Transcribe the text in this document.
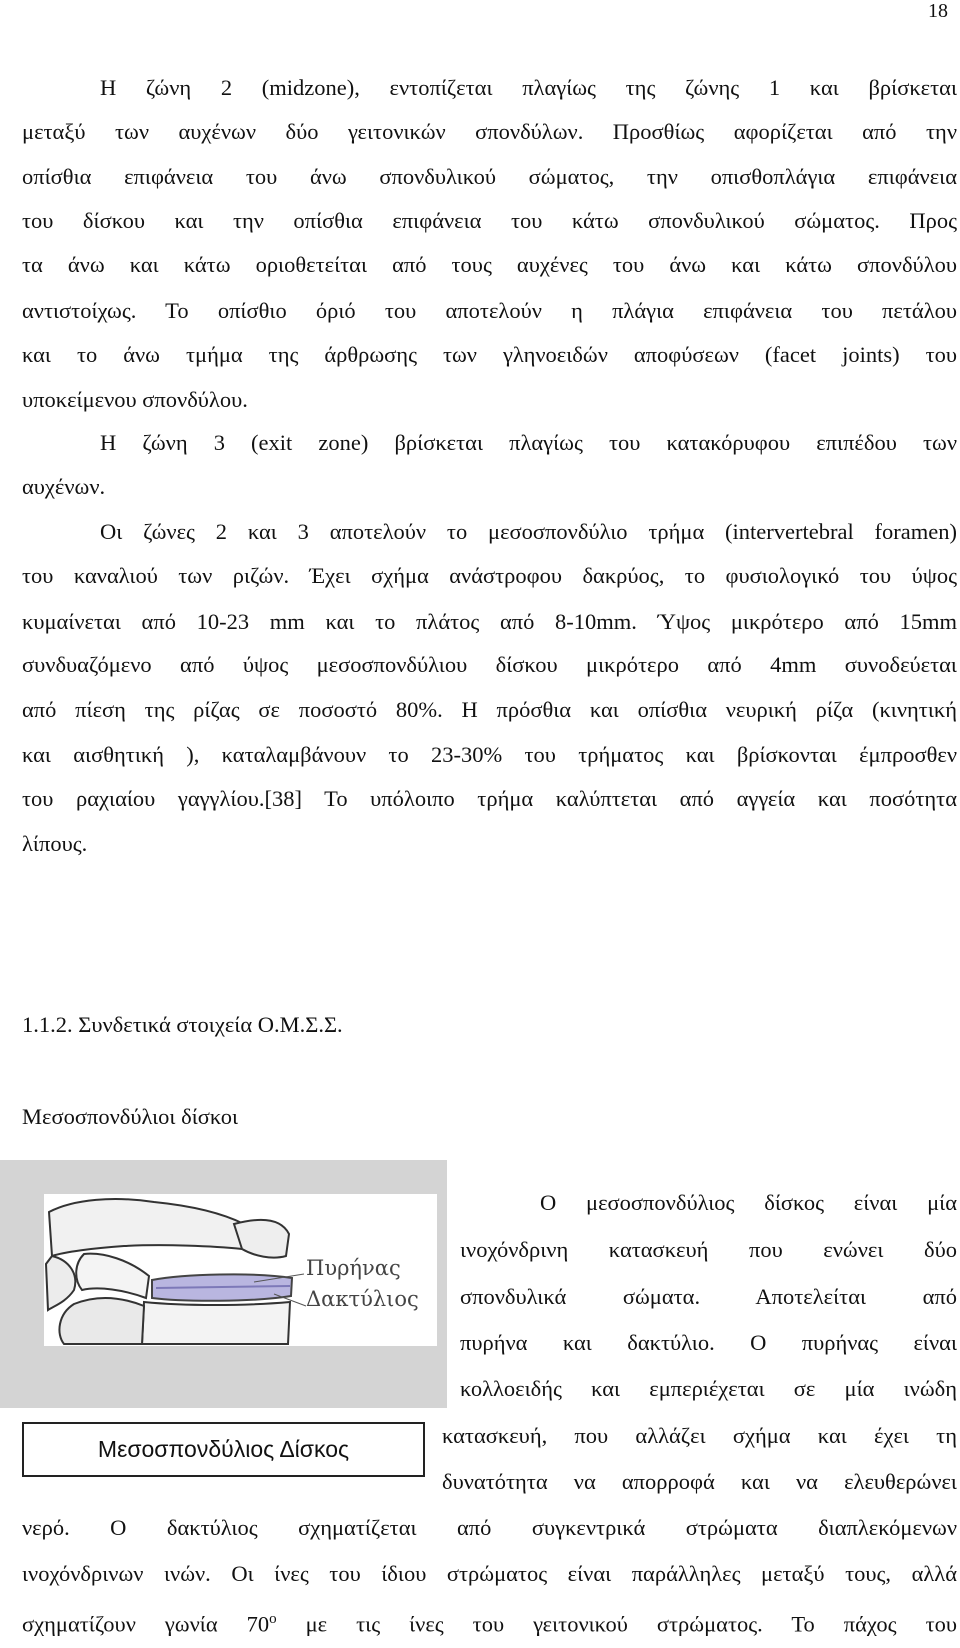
18
Η ζώνη 2 (midzone), εντοπίζεται πλαγίως της ζώνης 1 και βρίσκεται
μεταξύ των αυχένων δύο γειτονικών σπονδύλων. Προσθίως αφορίζεται από την
οπίσθια επιφάνεια του άνω σπονδυλικού σώματος, την οπισθοπλάγια επιφάνεια
του δίσκου και την οπίσθια επιφάνεια του κάτω σπονδυλικού σώματος. Προς
τα άνω και κάτω οριοθετείται από τους αυχένες του άνω και κάτω σπονδύλου
αντιστοίχως. Το οπίσθιο όριό του αποτελούν η πλάγια επιφάνεια του πετάλου
και το άνω τμήμα της άρθρωσης των γληνοειδών αποφύσεων (facet joints) του
υποκείμενου σπονδύλου.
Η ζώνη 3 (exit zone) βρίσκεται πλαγίως του κατακόρυφου επιπέδου των
αυχένων.
Οι ζώνες 2 και 3 αποτελούν το μεσοσπονδύλιο τρήμα (intervertebral foramen)
του καναλιού των ριζών. Έχει σχήμα ανάστροφου δακρύος, το φυσιολογικό του ύψος
κυμαίνεται από 10-23 mm και το πλάτος από 8-10mm. Ύψος μικρότερο από 15mm
συνδυαζόμενο από ύψος μεσοσπονδύλιου δίσκου μικρότερο από 4mm συνοδεύεται
από πίεση της ρίζας σε ποσοστό 80%. Η πρόσθια και οπίσθια νευρική ρίζα (κινητική
και αισθητική ), καταλαμβάνουν το 23-30% του τρήματος και βρίσκονται έμπροσθεν
του ραχιαίου γαγγλίου.[38] Το υπόλοιπο τρήμα καλύπτεται από αγγεία και ποσότητα
λίπους.
1.1.2. Συνδετικά στοιχεία Ο.Μ.Σ.Σ.
Μεσοσπονδύλιοι δίσκοι
Πυρήνας
Δακτύλιος
Μεσοσπονδύλιος Δίσκος
Ο μεσοσπονδύλιος δίσκος είναι μία
ινοχόνδρινη κατασκευή που ενώνει δύο
σπονδυλικά σώματα. Αποτελείται από
πυρήνα και δακτύλιο. Ο πυρήνας είναι
κολλοειδής και εμπεριέχεται σε μία ινώδη
κατασκευή, που αλλάζει σχήμα και έχει τη
δυνατότητα να απορροφά και να ελευθερώνει
νερό. Ο δακτύλιος σχηματίζεται από συγκεντρικά στρώματα διαπλεκόμενων
ινοχόνδρινων ινών. Οι ίνες του ίδιου στρώματος είναι παράλληλες μεταξύ τους, αλλά
σχηματίζουν γωνία $70^o$ με τις ίνες του γειτονικού στρώματος. Το πάχος του
